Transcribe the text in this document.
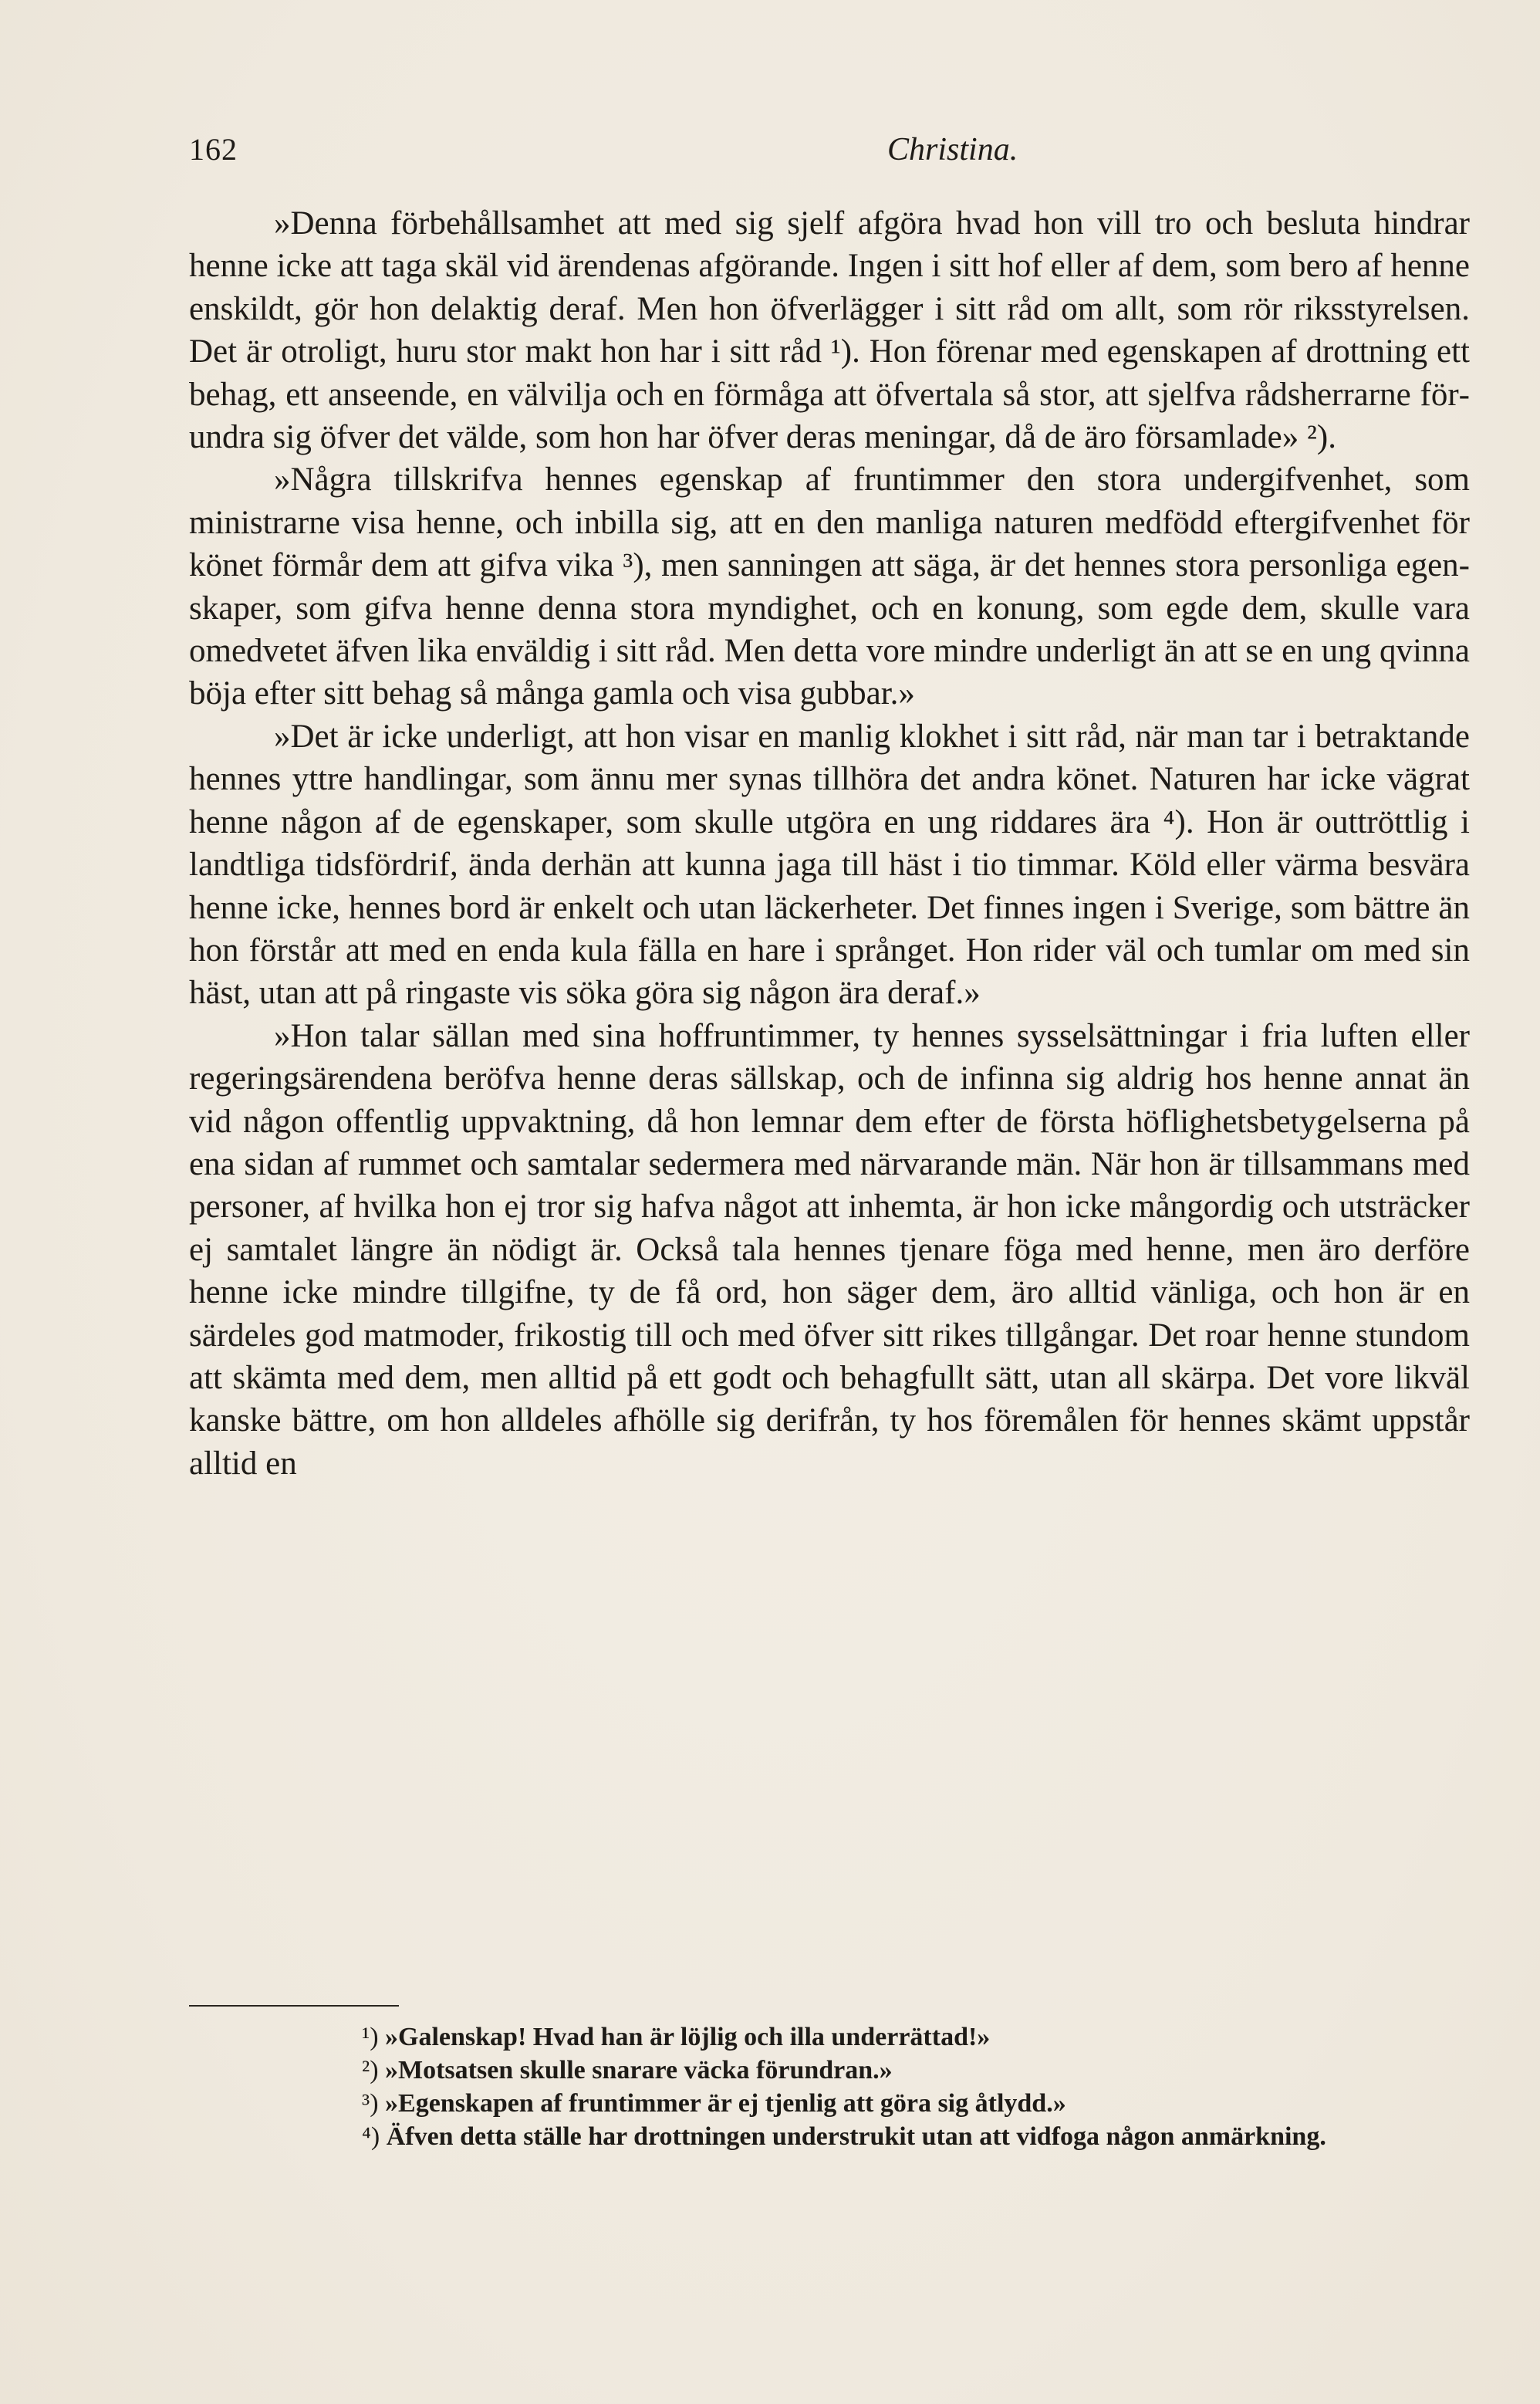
162	Christina.

»Denna förbehållsamhet att med sig sjelf afgöra hvad hon vill tro och besluta hindrar henne icke att taga skäl vid ärendenas afgörande. Ingen i sitt hof eller af dem, som bero af henne enskildt, gör hon delaktig deraf. Men hon öfverlägger i sitt råd om allt, som rör riksstyrelsen. Det är otroligt, huru stor makt hon har i sitt råd ¹). Hon förenar med egenskapen af drottning ett behag, ett anseende, en välvilja och en förmåga att öfvertala så stor, att sjelfva rådsherrarne förundra sig öfver det välde, som hon har öfver deras meningar, då de äro församlade» ²).

»Några tillskrifva hennes egenskap af fruntimmer den stora undergifvenhet, som ministrarne visa henne, och inbilla sig, att en den manliga naturen medfödd eftergifvenhet för könet förmår dem att gifva vika ³), men sanningen att säga, är det hennes stora personliga egenskaper, som gifva henne denna stora myndighet, och en konung, som egde dem, skulle vara omedvetet äfven lika enväldig i sitt råd. Men detta vore mindre underligt än att se en ung qvinna böja efter sitt behag så många gamla och visa gubbar.»

»Det är icke underligt, att hon visar en manlig klokhet i sitt råd, när man tar i betraktande hennes yttre handlingar, som ännu mer synas tillhöra det andra könet. Naturen har icke vägrat henne någon af de egenskaper, som skulle utgöra en ung riddares ära ⁴). Hon är outtröttlig i landtliga tidsfördrif, ända derhän att kunna jaga till häst i tio timmar. Köld eller värma besvära henne icke, hennes bord är enkelt och utan läckerheter. Det finnes ingen i Sverige, som bättre än hon förstår att med en enda kula fälla en hare i språnget. Hon rider väl och tumlar om med sin häst, utan att på ringaste vis söka göra sig någon ära deraf.»

»Hon talar sällan med sina hoffruntimmer, ty hennes sysselsättningar i fria luften eller regeringsärendena beröfva henne deras sällskap, och de infinna sig aldrig hos henne annat än vid någon offentlig uppvaktning, då hon lemnar dem efter de första höflighetsbetygelserna på ena sidan af rummet och samtalar sedermera med närvarande män. När hon är tillsammans med personer, af hvilka hon ej tror sig hafva något att inhemta, är hon icke mångordig och utsträcker ej samtalet längre än nödigt är. Också tala hennes tjenare föga med henne, men äro derföre henne icke mindre tillgifne, ty de få ord, hon säger dem, äro alltid vänliga, och hon är en särdeles god matmoder, frikostig till och med öfver sitt rikes tillgångar. Det roar henne stundom att skämta med dem, men alltid på ett godt och behagfullt sätt, utan all skärpa. Det vore likväl kanske bättre, om hon alldeles afhölle sig derifrån, ty hos föremålen för hennes skämt uppstår alltid en

¹) »Galenskap! Hvad han är löjlig och illa underrättad!»

²) »Motsatsen skulle snarare väcka förundran.»

³) »Egenskapen af fruntimmer är ej tjenlig att göra sig åtlydd.»

⁴) Äfven detta ställe har drottningen understrukit utan att vidfoga någon anmärkning.
